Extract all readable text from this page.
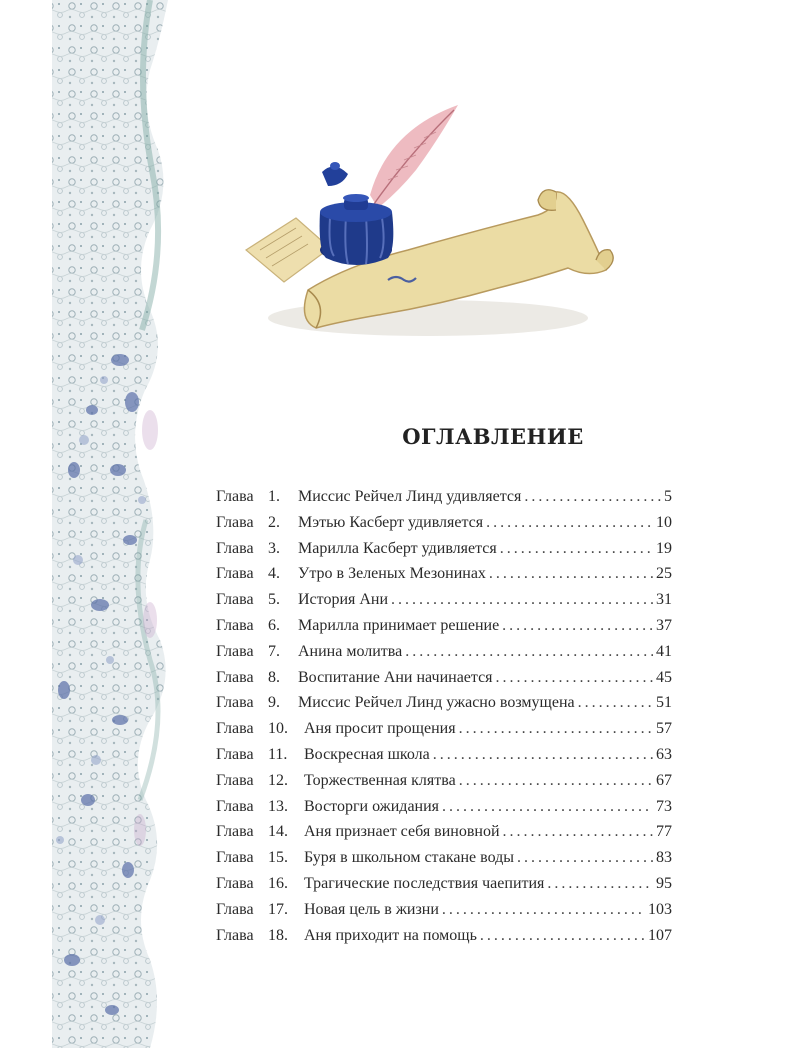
ОГЛАВЛЕНИЕ
Глава 1.	Миссис Рейчел Линд удивляется .....	5
Глава 2.	Мэтью Касберт удивляется .....	10
Глава 3.	Марилла Касберт удивляется .....	19
Глава 4.	Утро в Зеленых Мезонинах .....	25
Глава 5.	История Ани .....	31
Глава 6.	Марилла принимает решение .....	37
Глава 7.	Анина молитва .....	41
Глава 8.	Воспитание Ани начинается .....	45
Глава 9.	Миссис Рейчел Линд ужасно возмущена .....	51
Глава 10.	Аня просит прощения .....	57
Глава 11.	Воскресная школа .....	63
Глава 12.	Торжественная клятва .....	67
Глава 13.	Восторги ожидания .....	73
Глава 14.	Аня признает себя виновной .....	77
Глава 15.	Буря в школьном стакане воды .....	83
Глава 16.	Трагические последствия чаепития .....	95
Глава 17.	Новая цель в жизни .....	103
Глава 18.	Аня приходит на помощь .....	107
